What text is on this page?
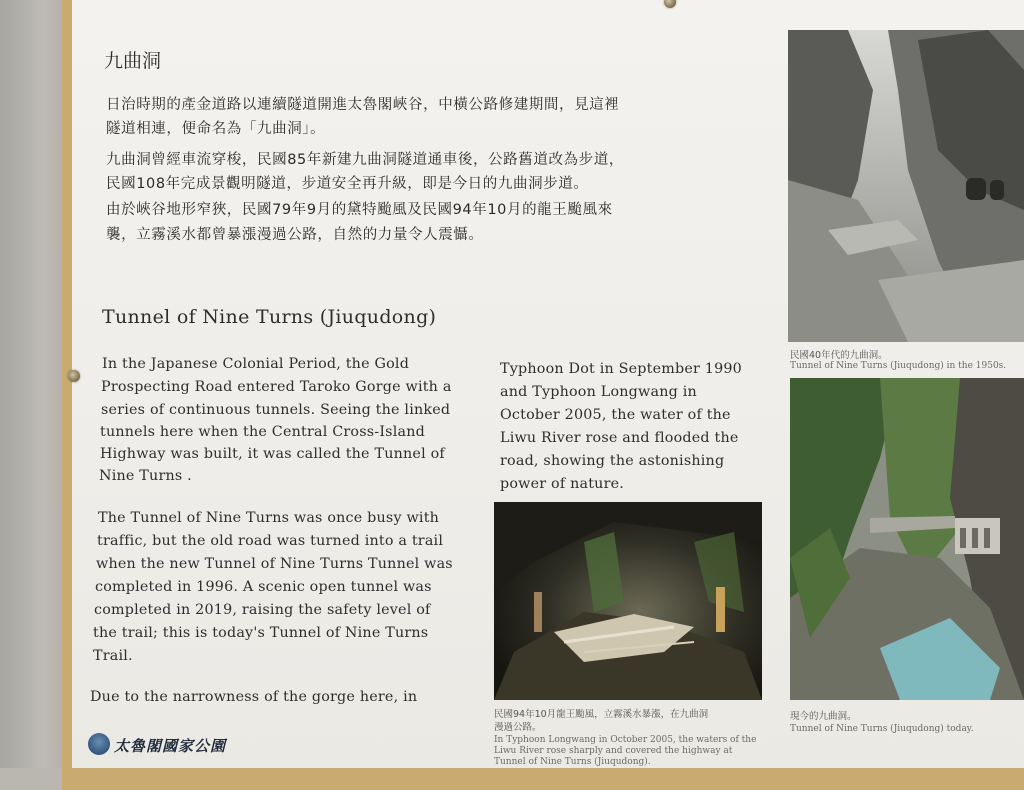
九曲洞
日治時期的產金道路以連續隧道開進太魯閣峽谷，中橫公路修建期間，見這裡
隧道相連，便命名為「九曲洞」。
九曲洞曾經車流穿梭，民國85年新建九曲洞隧道通車後，公路舊道改為步道，
民國108年完成景觀明隧道，步道安全再升級，即是今日的九曲洞步道。
由於峽谷地形窄狹，民國79年9月的黛特颱風及民國94年10月的龍王颱風來
襲，立霧溪水都曾暴漲漫過公路，自然的力量令人震懾。
Tunnel of Nine Turns (Jiuqudong)
In the Japanese Colonial Period, the Gold
Prospecting Road entered Taroko Gorge with a
series of continuous tunnels. Seeing the linked
tunnels here when the Central Cross-Island
Highway was built, it was called the Tunnel of
Nine Turns .
The Tunnel of Nine Turns was once busy with
traffic, but the old road was turned into a trail
when the new Tunnel of Nine Turns Tunnel was
completed in 1996. A scenic open tunnel was
completed in 2019, raising the safety level of
the trail; this is today's Tunnel of Nine Turns
Trail.
Due to the narrowness of the gorge here, in
Typhoon Dot in September 1990
and Typhoon Longwang in
October 2005, the water of the
Liwu River rose and flooded the
road, showing the astonishing
power of nature.
民國40年代的九曲洞。
Tunnel of Nine Turns (Jiuqudong) in the 1950s.
民國94年10月龍王颱風，立霧溪水暴漲，在九曲洞
漫過公路。
In Typhoon Longwang in October 2005, the waters of the
Liwu River rose sharply and covered the highway at
Tunnel of Nine Turns (Jiuqudong).
現今的九曲洞。
Tunnel of Nine Turns (Jiuqudong) today.
太魯閣國家公園
